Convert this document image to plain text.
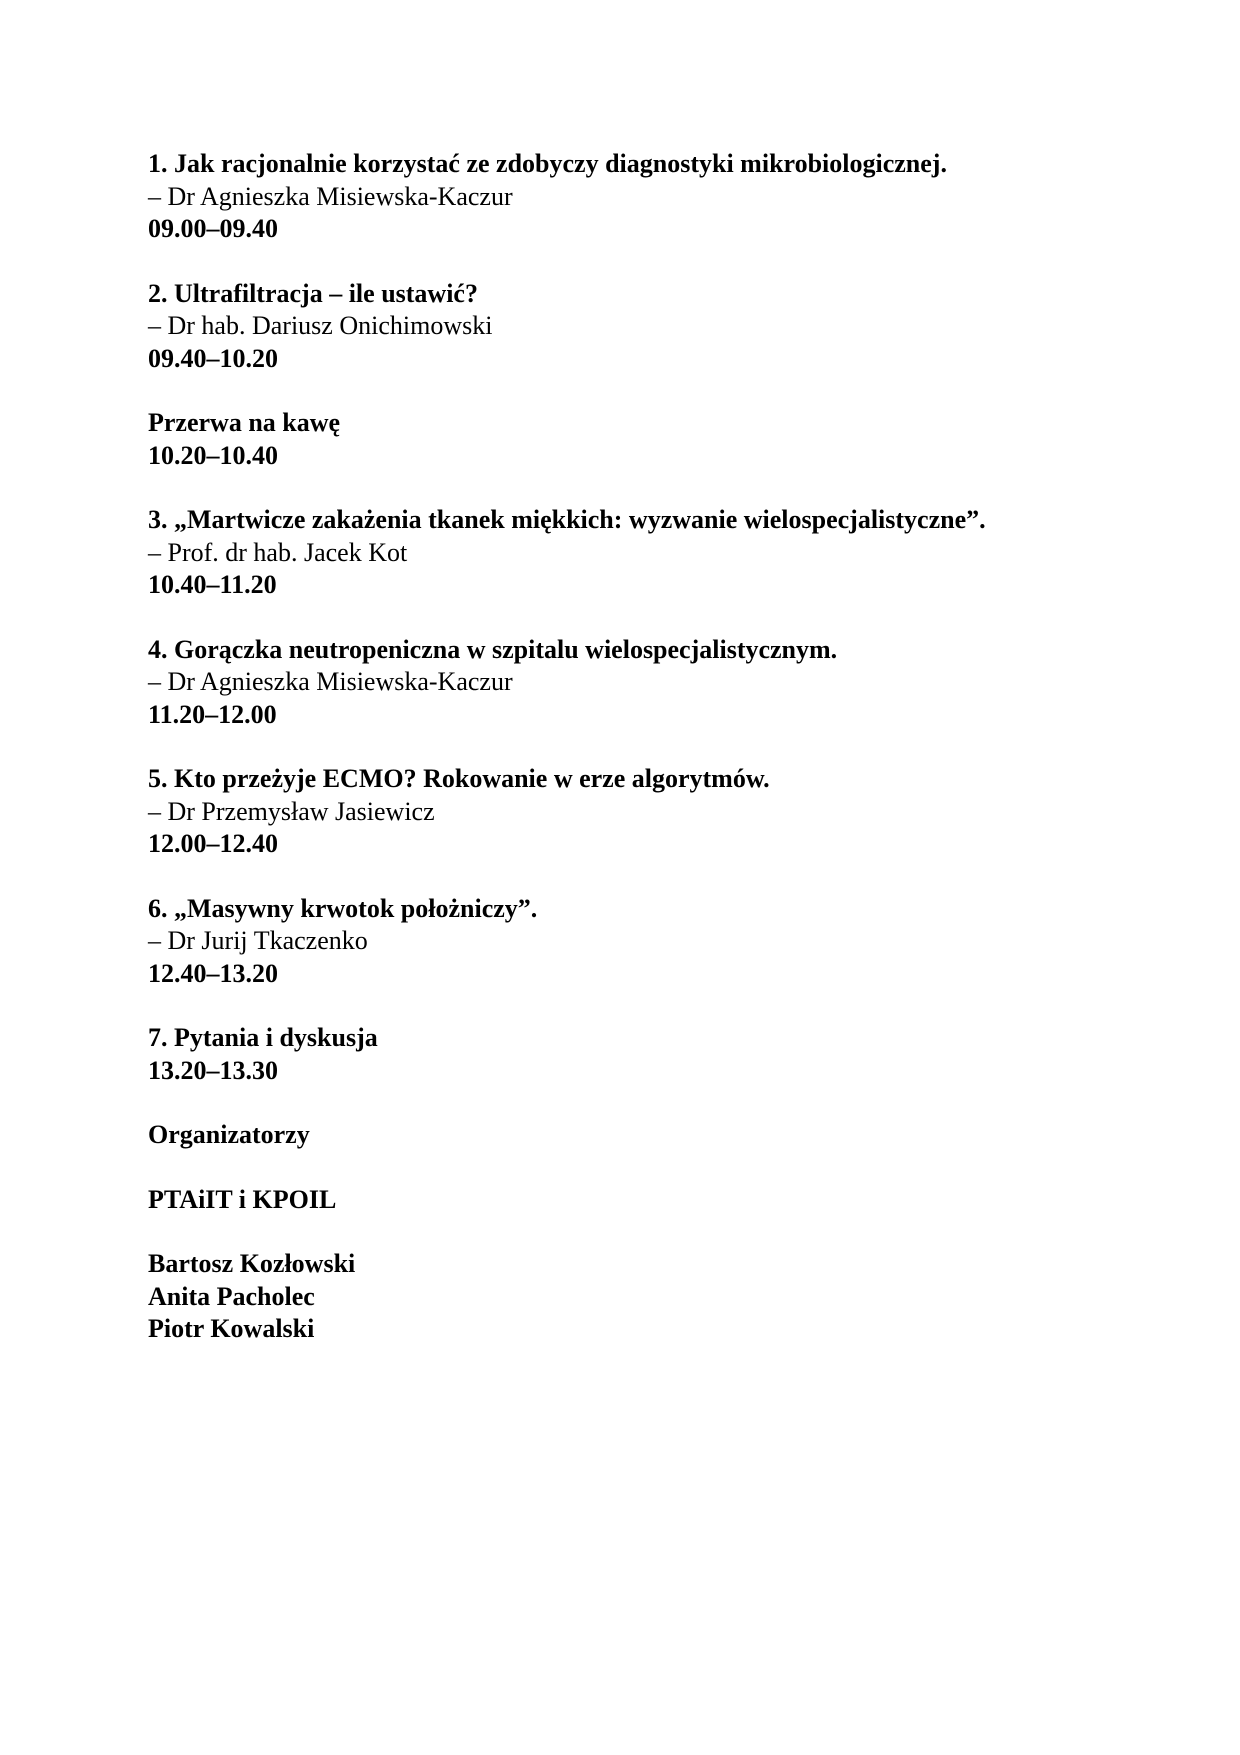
1. Jak racjonalnie korzystać ze zdobyczy diagnostyki mikrobiologicznej.
– Dr Agnieszka Misiewska-Kaczur
09.00–09.40
2. Ultrafiltracja – ile ustawić?
– Dr hab. Dariusz Onichimowski
09.40–10.20
Przerwa na kawę
10.20–10.40
3. „Martwicze zakażenia tkanek miękkich: wyzwanie wielospecjalistyczne”.
– Prof. dr hab. Jacek Kot
10.40–11.20
4. Gorączka neutropeniczna w szpitalu wielospecjalistycznym.
– Dr Agnieszka Misiewska-Kaczur
11.20–12.00
5. Kto przeżyje ECMO? Rokowanie w erze algorytmów.
– Dr Przemysław Jasiewicz
12.00–12.40
6. „Masywny krwotok położniczy”.
– Dr Jurij Tkaczenko
12.40–13.20
7. Pytania i dyskusja
13.20–13.30
Organizatorzy
PTAiIT i KPOIL
Bartosz Kozłowski
Anita Pacholec
Piotr Kowalski
